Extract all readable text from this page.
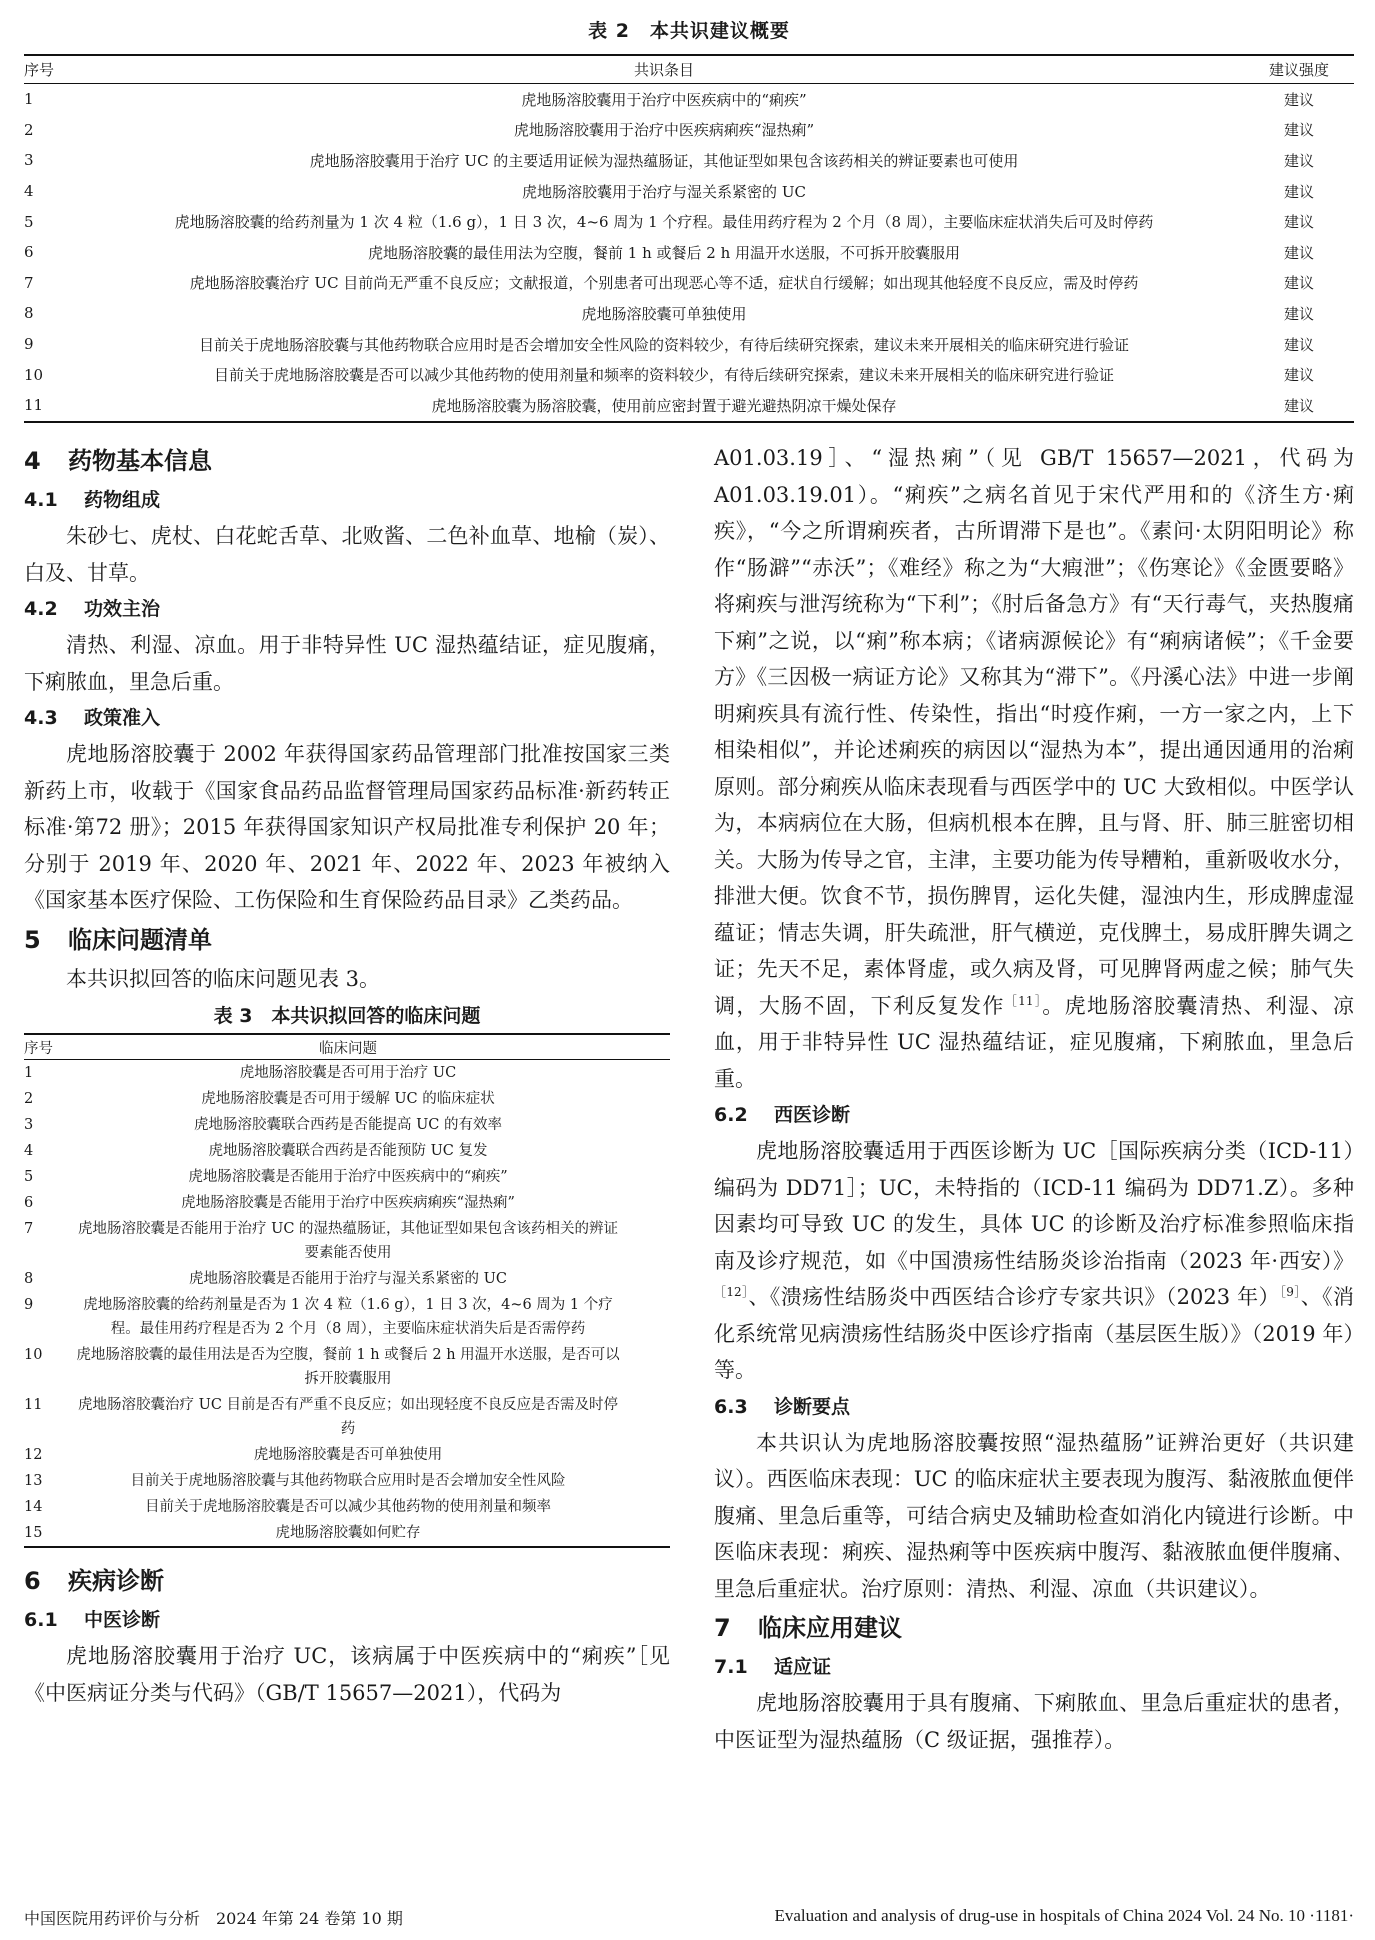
表 2　本共识建议概要
序号	共识条目	建议强度
1	虎地肠溶胶囊用于治疗中医疾病中的“痢疾”	建议
2	虎地肠溶胶囊用于治疗中医疾病痢疾“湿热痢”	建议
3	虎地肠溶胶囊用于治疗 UC 的主要适用证候为湿热蕴肠证，其他证型如果包含该药相关的辨证要素也可使用	建议
4	虎地肠溶胶囊用于治疗与湿关系紧密的 UC	建议
5	虎地肠溶胶囊的给药剂量为 1 次 4 粒（1.6 g），1 日 3 次，4~6 周为 1 个疗程。最佳用药疗程为 2 个月（8 周），主要临床症状消失后可及时停药	建议
6	虎地肠溶胶囊的最佳用法为空腹，餐前 1 h 或餐后 2 h 用温开水送服，不可拆开胶囊服用	建议
7	虎地肠溶胶囊治疗 UC 目前尚无严重不良反应；文献报道，个别患者可出现恶心等不适，症状自行缓解；如出现其他轻度不良反应，需及时停药	建议
8	虎地肠溶胶囊可单独使用	建议
9	目前关于虎地肠溶胶囊与其他药物联合应用时是否会增加安全性风险的资料较少，有待后续研究探索，建议未来开展相关的临床研究进行验证	建议
10	目前关于虎地肠溶胶囊是否可以减少其他药物的使用剂量和频率的资料较少，有待后续研究探索，建议未来开展相关的临床研究进行验证	建议
11	虎地肠溶胶囊为肠溶胶囊，使用前应密封置于避光避热阴凉干燥处保存	建议
4 药物基本信息
4.1 药物组成

朱砂七、虎杖、白花蛇舌草、北败酱、二色补血草、地榆（炭）、白及、甘草。

4.2 功效主治

清热、利湿、凉血。用于非特异性 UC 湿热蕴结证，症见腹痛，下痢脓血，里急后重。

4.3 政策准入

虎地肠溶胶囊于 2002 年获得国家药品管理部门批准按国家三类新药上市，收载于《国家食品药品监督管理局国家药品标准·新药转正标准·第72 册》；2015 年获得国家知识产权局批准专利保护 20 年；分别于 2019 年、2020 年、2021 年、2022 年、2023 年被纳入《国家基本医疗保险、工伤保险和生育保险药品目录》乙类药品。

5 临床问题清单

本共识拟回答的临床问题见表 3。

表 3　本共识拟回答的临床问题
序号	临床问题
1	虎地肠溶胶囊是否可用于治疗 UC
2	虎地肠溶胶囊是否可用于缓解 UC 的临床症状
3	虎地肠溶胶囊联合西药是否能提高 UC 的有效率
4	虎地肠溶胶囊联合西药是否能预防 UC 复发
5	虎地肠溶胶囊是否能用于治疗中医疾病中的“痢疾”
6	虎地肠溶胶囊是否能用于治疗中医疾病痢疾“湿热痢”
7	虎地肠溶胶囊是否能用于治疗 UC 的湿热蕴肠证，其他证型如果包含该药相关的辨证要素能否使用
8	虎地肠溶胶囊是否能用于治疗与湿关系紧密的 UC
9	虎地肠溶胶囊的给药剂量是否为 1 次 4 粒（1.6 g），1 日 3 次，4~6 周为 1 个疗程。最佳用药疗程是否为 2 个月（8 周），主要临床症状消失后是否需停药
10	虎地肠溶胶囊的最佳用法是否为空腹，餐前 1 h 或餐后 2 h 用温开水送服，是否可以拆开胶囊服用
11	虎地肠溶胶囊治疗 UC 目前是否有严重不良反应；如出现轻度不良反应是否需及时停药
12	虎地肠溶胶囊是否可单独使用
13	目前关于虎地肠溶胶囊与其他药物联合应用时是否会增加安全性风险
14	目前关于虎地肠溶胶囊是否可以减少其他药物的使用剂量和频率
15	虎地肠溶胶囊如何贮存
6 疾病诊断
6.1 中医诊断

虎地肠溶胶囊用于治疗 UC，该病属于中医疾病中的“痢疾”［见《中医病证分类与代码》（GB/T 15657—2021），代码为

A01.03.19］、“湿热痢”（见 GB/T 15657—2021，代码为 A01.03.19.01）。“痢疾”之病名首见于宋代严用和的《济生方·痢疾》，“今之所谓痢疾者，古所谓滞下是也”。《素问·太阴阳明论》称作“肠澼”“赤沃”；《难经》称之为“大瘕泄”；《伤寒论》《金匮要略》将痢疾与泄泻统称为“下利”；《肘后备急方》有“天行毒气，夹热腹痛下痢”之说，以“痢”称本病；《诸病源候论》有“痢病诸候”；《千金要方》《三因极一病证方论》又称其为“滞下”。《丹溪心法》中进一步阐明痢疾具有流行性、传染性，指出“时疫作痢，一方一家之内，上下相染相似”，并论述痢疾的病因以“湿热为本”，提出通因通用的治痢原则。部分痢疾从临床表现看与西医学中的 UC 大致相似。中医学认为，本病病位在大肠，但病机根本在脾，且与肾、肝、肺三脏密切相关。大肠为传导之官，主津，主要功能为传导糟粕，重新吸收水分，排泄大便。饮食不节，损伤脾胃，运化失健，湿浊内生，形成脾虚湿蕴证；情志失调，肝失疏泄，肝气横逆，克伐脾土，易成肝脾失调之证；先天不足，素体肾虚，或久病及肾，可见脾肾两虚之候；肺气失调，大肠不固，下利反复发作$^{[11]}$。虎地肠溶胶囊清热、利湿、凉血，用于非特异性 UC 湿热蕴结证，症见腹痛，下痢脓血，里急后重。

6.2 西医诊断

虎地肠溶胶囊适用于西医诊断为 UC［国际疾病分类（ICD-11）编码为 DD71］；UC，未特指的（ICD-11 编码为 DD71.Z）。多种因素均可导致 UC 的发生，具体 UC 的诊断及治疗标准参照临床指南及诊疗规范，如《中国溃疡性结肠炎诊治指南（2023 年·西安）》$^{[12]}$、《溃疡性结肠炎中西医结合诊疗专家共识》（2023 年）$^{[9]}$、《消化系统常见病溃疡性结肠炎中医诊疗指南（基层医生版）》（2019 年）等。

6.3 诊断要点

本共识认为虎地肠溶胶囊按照“湿热蕴肠”证辨治更好（共识建议）。西医临床表现：UC 的临床症状主要表现为腹泻、黏液脓血便伴腹痛、里急后重等，可结合病史及辅助检查如消化内镜进行诊断。中医临床表现：痢疾、湿热痢等中医疾病中腹泻、黏液脓血便伴腹痛、里急后重症状。治疗原则：清热、利湿、凉血（共识建议）。

7 临床应用建议
7.1 适应证

虎地肠溶胶囊用于具有腹痛、下痢脓血、里急后重症状的患者，中医证型为湿热蕴肠（C 级证据，强推荐）。

中国医院用药评价与分析　2024 年第 24 卷第 10 期	Evaluation and analysis of drug-use in hospitals of China 2024 Vol. 24 No. 10 ·1181·
